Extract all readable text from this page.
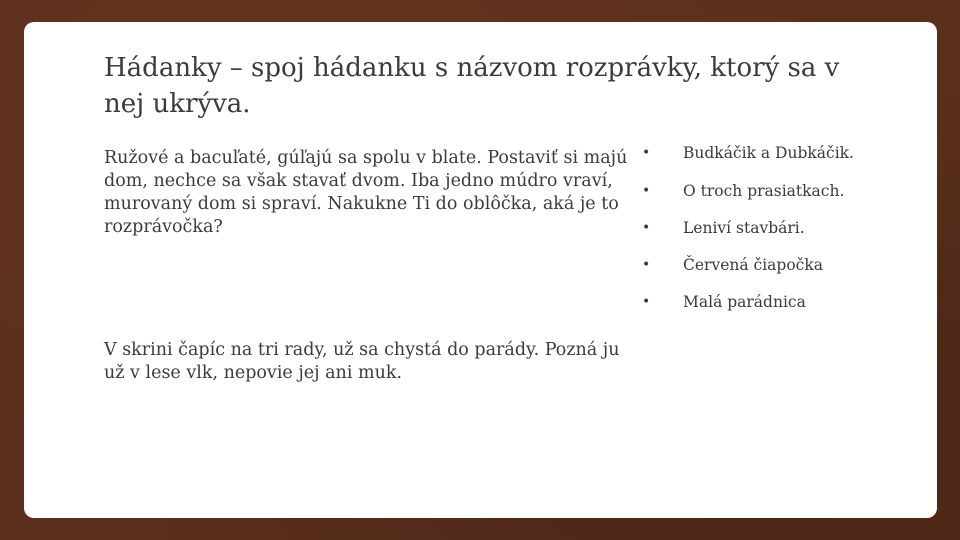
Hádanky – spoj hádanku s názvom rozprávky, ktorý sa v nej ukrýva.

Ružové a bacuľaté, gúľajú sa spolu v blate. Postaviť si majú dom, nechce sa však stavať dvom. Iba jedno múdro vraví, murovaný dom si spraví. Nakukne Ti do oblôčka, aká je to rozprávočka?

V skrini čapíc na tri rady, už sa chystá do parády. Pozná ju už v lese vlk, nepovie jej ani muk.

• Budkáčik a Dubkáčik.
• O troch prasiatkach.
• Leniví stavbári.
• Červená čiapočka
• Malá parádnica
